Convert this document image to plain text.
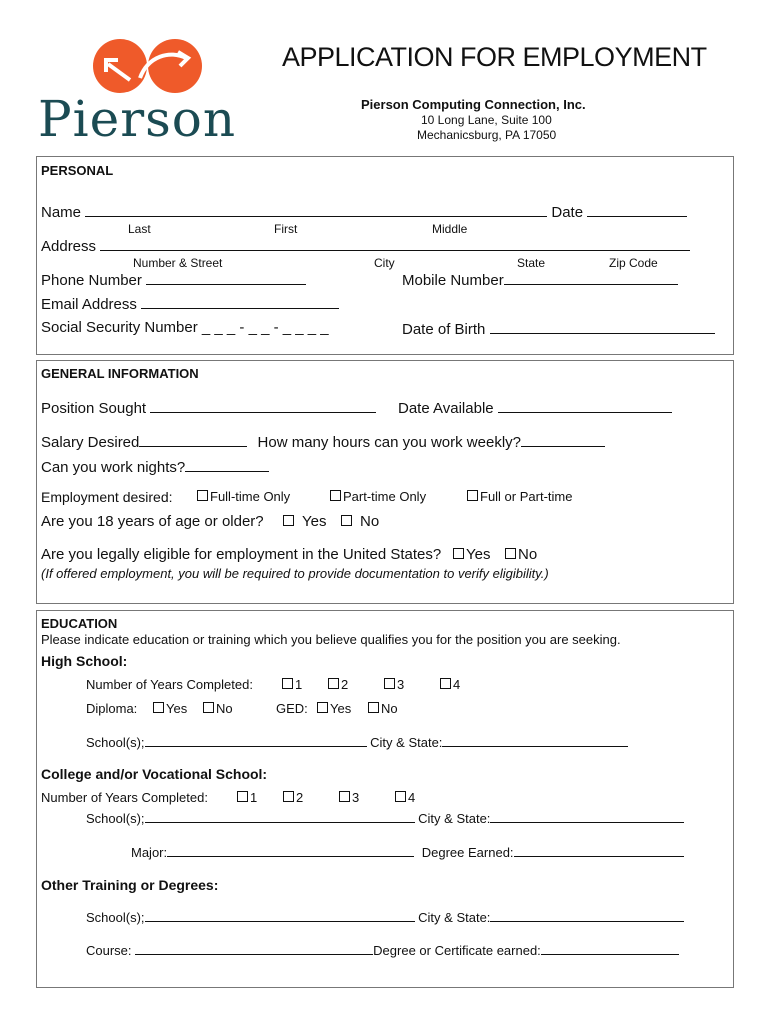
Pierson
APPLICATION FOR EMPLOYMENT
Pierson Computing Connection, Inc.
10 Long Lane, Suite 100
Mechanicsburg, PA 17050
PERSONAL
Name	Date
Last	First	Middle
Address
Number & Street	City	State	Zip Code
Phone Number	Mobile Number
Email Address
Social Security Number _ _ _ - _ _ - _ _ _ _	Date of Birth
GENERAL INFORMATION
Position Sought	Date Available
Salary Desired	How many hours can you work weekly?
Can you work nights?
Employment desired:	Full-time Only	Part-time Only	Full or Part-time
Are you 18 years of age or older?	Yes	No
Are you legally eligible for employment in the United States?	Yes	No
(If offered employment, you will be required to provide documentation to verify eligibility.)
EDUCATION
Please indicate education or training which you believe qualifies you for the position you are seeking.
High School:
Number of Years Completed:	1	2	3	4
Diploma:	Yes	No	GED:	Yes	No
School(s);	City & State:
College and/or Vocational School:
Number of Years Completed:	1	2	3	4
School(s);	City & State:
Major:	Degree Earned:
Other Training or Degrees:
School(s);	City & State:
Course:	Degree or Certificate earned:
